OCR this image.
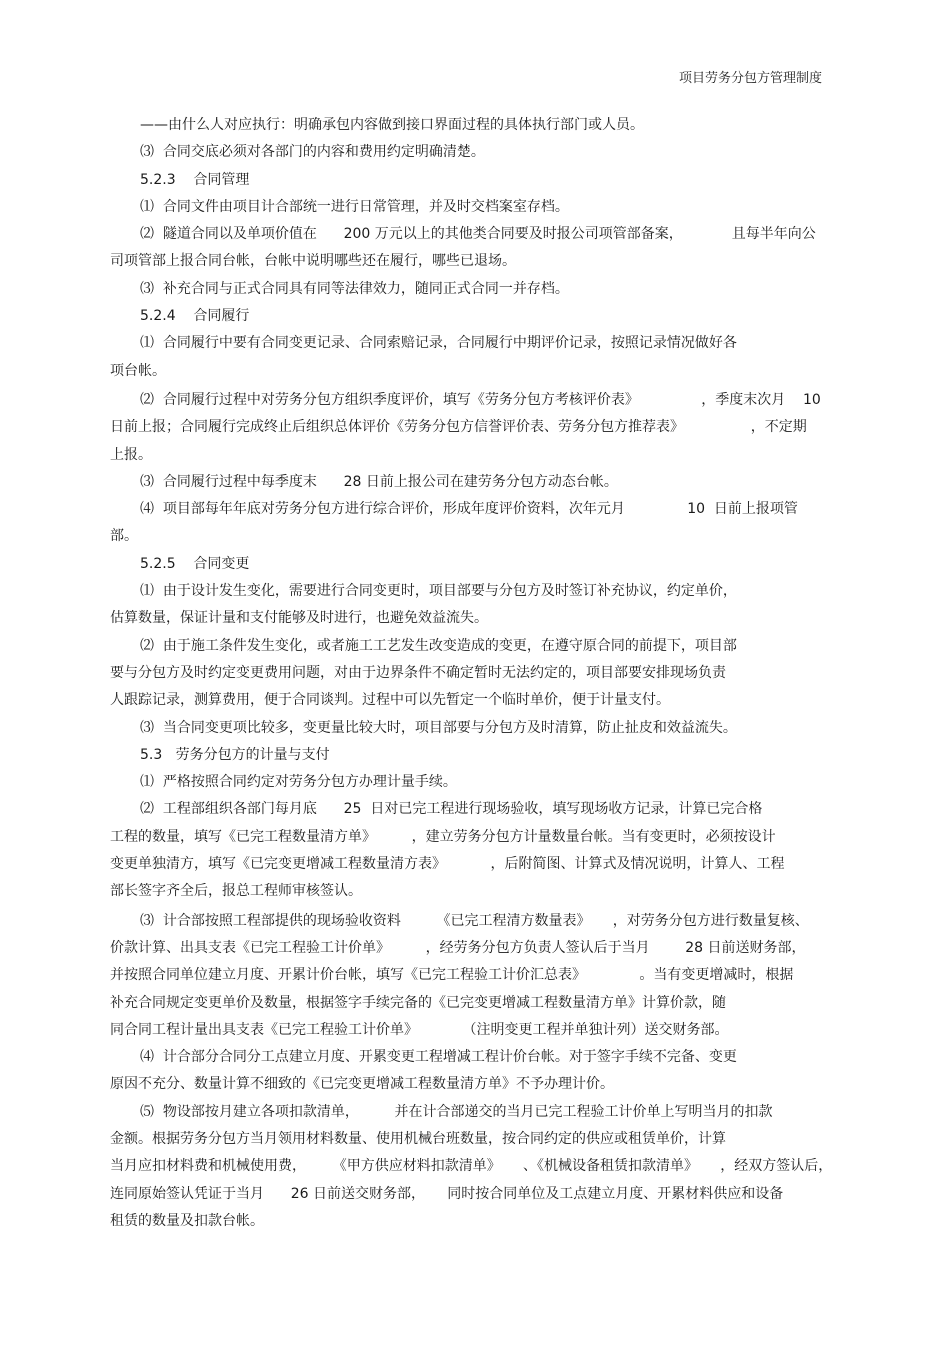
项目劳务分包方管理制度
——由什么人对应执行：明确承包内容做到接口界面过程的具体执行部门或人员。
⑶  合同交底必须对各部门的内容和费用约定明确清楚。
5.2.3    合同管理
⑴  合同文件由项目计合部统一进行日常管理，并及时交档案室存档。
⑵  隧道合同以及单项价值在      200 万元以上的其他类合同要及时报公司项管部备案，           且每半年向公
司项管部上报合同台帐，台帐中说明哪些还在履行，哪些已退场。
⑶  补充合同与正式合同具有同等法律效力，随同正式合同一并存档。
5.2.4    合同履行
⑴  合同履行中要有合同变更记录、合同索赔记录，合同履行中期评价记录，按照记录情况做好各
项台帐。
⑵  合同履行过程中对劳务分包方组织季度评价，填写《劳务分包方考核评价表》              ，季度末次月    10
日前上报；合同履行完成终止后组织总体评价《劳务分包方信誉评价表、劳务分包方推荐表》               ，不定期
上报。
⑶  合同履行过程中每季度末      28 日前上报公司在建劳务分包方动态台帐。
⑷  项目部每年年底对劳务分包方进行综合评价，形成年度评价资料，次年元月              10  日前上报项管
部。
5.2.5    合同变更
⑴  由于设计发生变化，需要进行合同变更时，项目部要与分包方及时签订补充协议，约定单价，
估算数量，保证计量和支付能够及时进行，也避免效益流失。
⑵  由于施工条件发生变化，或者施工工艺发生改变造成的变更，在遵守原合同的前提下，项目部
要与分包方及时约定变更费用问题，对由于边界条件不确定暂时无法约定的，项目部要安排现场负责
人跟踪记录，测算费用，便于合同谈判。过程中可以先暂定一个临时单价，便于计量支付。
⑶  当合同变更项比较多，变更量比较大时，项目部要与分包方及时清算，防止扯皮和效益流失。
5.3   劳务分包方的计量与支付
⑴  严格按照合同约定对劳务分包方办理计量手续。
⑵  工程部组织各部门每月底      25  日对已完工程进行现场验收，填写现场收方记录，计算已完合格
工程的数量，填写《已完工程数量清方单》        ，建立劳务分包方计量数量台帐。当有变更时，必须按设计
变更单独清方，填写《已完变更增减工程数量清方表》          ，后附简图、计算式及情况说明，计算人、工程
部长签字齐全后，报总工程师审核签认。
⑶  计合部按照工程部提供的现场验收资料        《已完工程清方数量表》     ，对劳务分包方进行数量复核、
价款计算、出具支表《已完工程验工计价单》        ，经劳务分包方负责人签认后于当月        28 日前送财务部，
并按照合同单位建立月度、开累计价台帐，填写《已完工程验工计价汇总表》            。当有变更增减时，根据
补充合同规定变更单价及数量，根据签字手续完备的《已完变更增减工程数量清方单》计算价款，随
同合同工程计量出具支表《已完工程验工计价单》          （注明变更工程并单独计列）送交财务部。
⑷  计合部分合同分工点建立月度、开累变更工程增减工程计价台帐。对于签字手续不完备、变更
原因不充分、数量计算不细致的《已完变更增减工程数量清方单》不予办理计价。
⑸  物设部按月建立各项扣款清单，        并在计合部递交的当月已完工程验工计价单上写明当月的扣款
金额。根据劳务分包方当月领用材料数量、使用机械台班数量，按合同约定的供应或租赁单价，计算
当月应扣材料费和机械使用费，      《甲方供应材料扣款清单》     、《机械设备租赁扣款清单》     ，经双方签认后，
连同原始签认凭证于当月      26 日前送交财务部，     同时按合同单位及工点建立月度、开累材料供应和设备
租赁的数量及扣款台帐。
